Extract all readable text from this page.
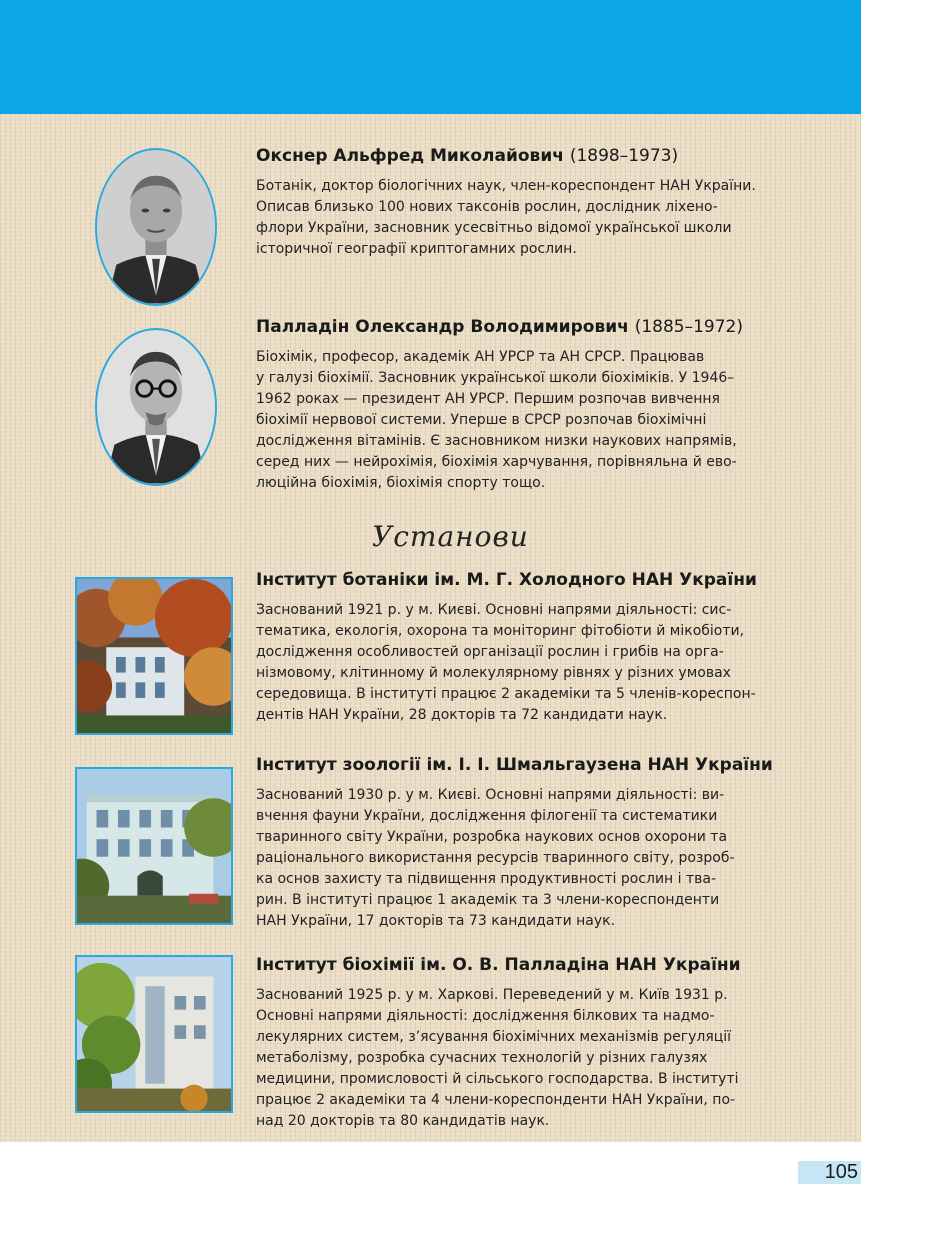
Окснер Альфред Миколайович (1898–1973)
Ботанік, доктор біологічних наук, член-кореспондент НАН України.
Описав близько 100 нових таксонів рослин, дослідник ліхено-
флори України, засновник усесвітньо відомої української школи
історичної географії криптогамних рослин.
Палладін Олександр Володимирович (1885–1972)
Біохімік, професор, академік АН УРСР та АН СРСР. Працював
у галузі біохімії. Засновник української школи біохіміків. У 1946–
1962 роках — президент АН УРСР. Першим розпочав вивчення
біохімії нервової системи. Уперше в СРСР розпочав біохімічні
дослідження вітамінів. Є засновником низки наукових напрямів,
серед них — нейрохімія, біохімія харчування, порівняльна й ево-
люційна біохімія, біохімія спорту тощо.
Установи
Інститут ботаніки ім. М. Г. Холодного НАН України
Заснований 1921 р. у м. Києві. Основні напрями діяльності: сис-
тематика, екологія, охорона та моніторинг фітобіоти й мікобіоти,
дослідження особливостей організації рослин і грибів на орга-
нізмовому, клітинному й молекулярному рівнях у різних умовах
середовища. В інституті працює 2 академіки та 5 членів-кореспон-
дентів НАН України, 28 докторів та 72 кандидати наук.
Інститут зоології ім. І. І. Шмальгаузена НАН України
Заснований 1930 р. у м. Києві. Основні напрями діяльності: ви-
вчення фауни України, дослідження філогенії та систематики
тваринного світу України, розробка наукових основ охорони та
раціонального використання ресурсів тваринного світу, розроб-
ка основ захисту та підвищення продуктивності рослин і тва-
рин. В інституті працює 1 академік та 3 члени-кореспонденти
НАН України, 17 докторів та 73 кандидати наук.
Інститут біохімії ім. О. В. Палладіна НАН України
Заснований 1925 р. у м. Харкові. Переведений у м. Київ 1931 р.
Основні напрями діяльності: дослідження білкових та надмо-
лекулярних систем, з’ясування біохімічних механізмів регуляції
метаболізму, розробка сучасних технологій у різних галузях
медицини, промисловості й сільського господарства. В інституті
працює 2 академіки та 4 члени-кореспонденти НАН України, по-
над 20 докторів та 80 кандидатів наук.
105
